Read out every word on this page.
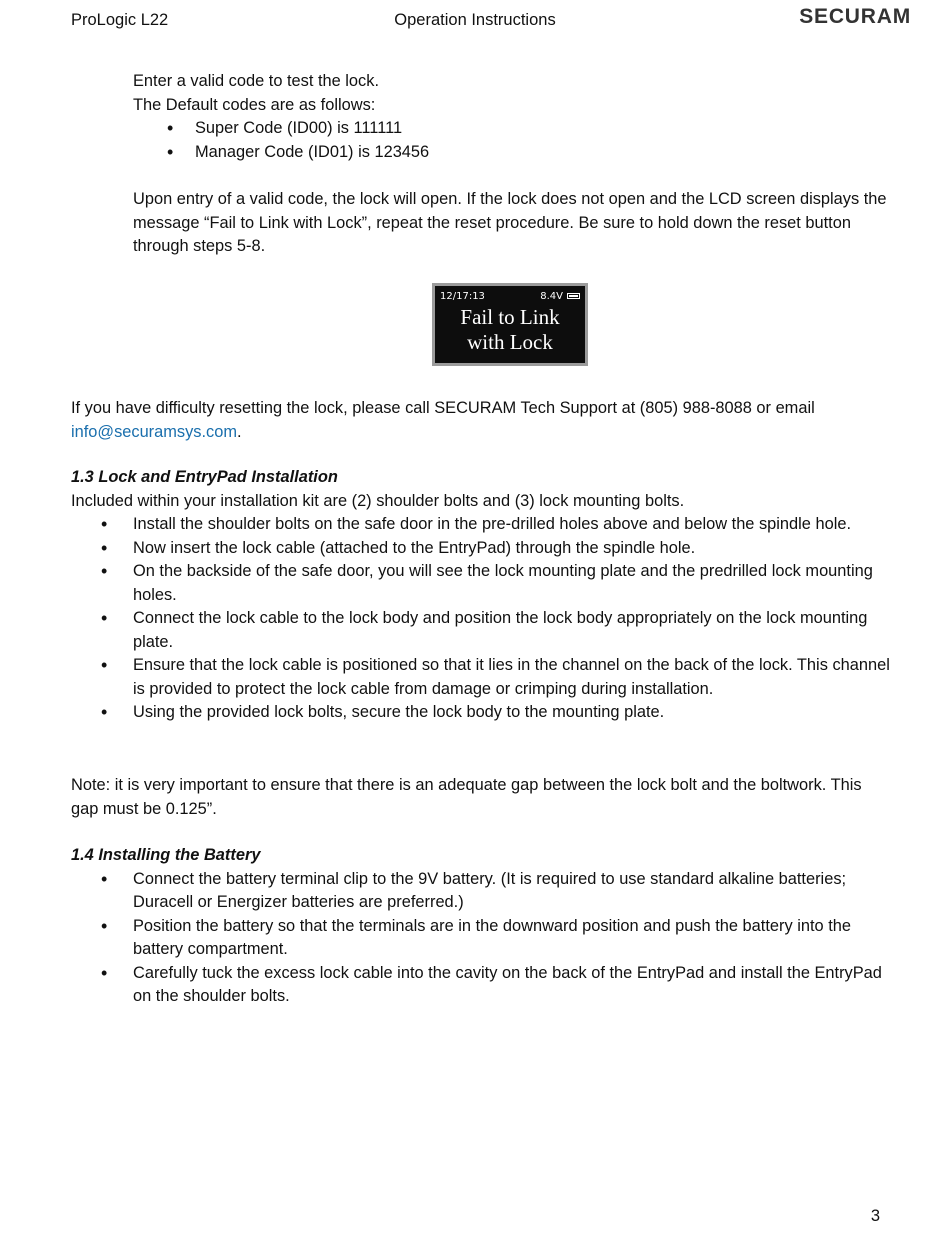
ProLogic L22	Operation Instructions	SECURAM

Enter a valid code to test the lock.

The Default codes are as follows:

• Super Code (ID00) is 111111
• Manager Code (ID01) is 123456

Upon entry of a valid code, the lock will open. If the lock does not open and the LCD screen displays the message “Fail to Link with Lock”, repeat the reset procedure. Be sure to hold down the reset button through steps 5-8.

12/17:13	8.4V
Fail to Link
with Lock

If you have difficulty resetting the lock, please call SECURAM Tech Support at (805) 988-8088 or email
info@securamsys.com.

1.3 Lock and EntryPad Installation

Included within your installation kit are (2) shoulder bolts and (3) lock mounting bolts.

• Install the shoulder bolts on the safe door in the pre-drilled holes above and below the spindle hole.
• Now insert the lock cable (attached to the EntryPad) through the spindle hole.
• On the backside of the safe door, you will see the lock mounting plate and the predrilled lock mounting holes.
• Connect the lock cable to the lock body and position the lock body appropriately on the lock mounting plate.
• Ensure that the lock cable is positioned so that it lies in the channel on the back of the lock. This channel is provided to protect the lock cable from damage or crimping during installation.
• Using the provided lock bolts, secure the lock body to the mounting plate.

Note: it is very important to ensure that there is an adequate gap between the lock bolt and the boltwork. This gap must be 0.125”.

1.4 Installing the Battery

• Connect the battery terminal clip to the 9V battery. (It is required to use standard alkaline batteries; Duracell or Energizer batteries are preferred.)
• Position the battery so that the terminals are in the downward position and push the battery into the battery compartment.
• Carefully tuck the excess lock cable into the cavity on the back of the EntryPad and install the EntryPad on the shoulder bolts.
3
